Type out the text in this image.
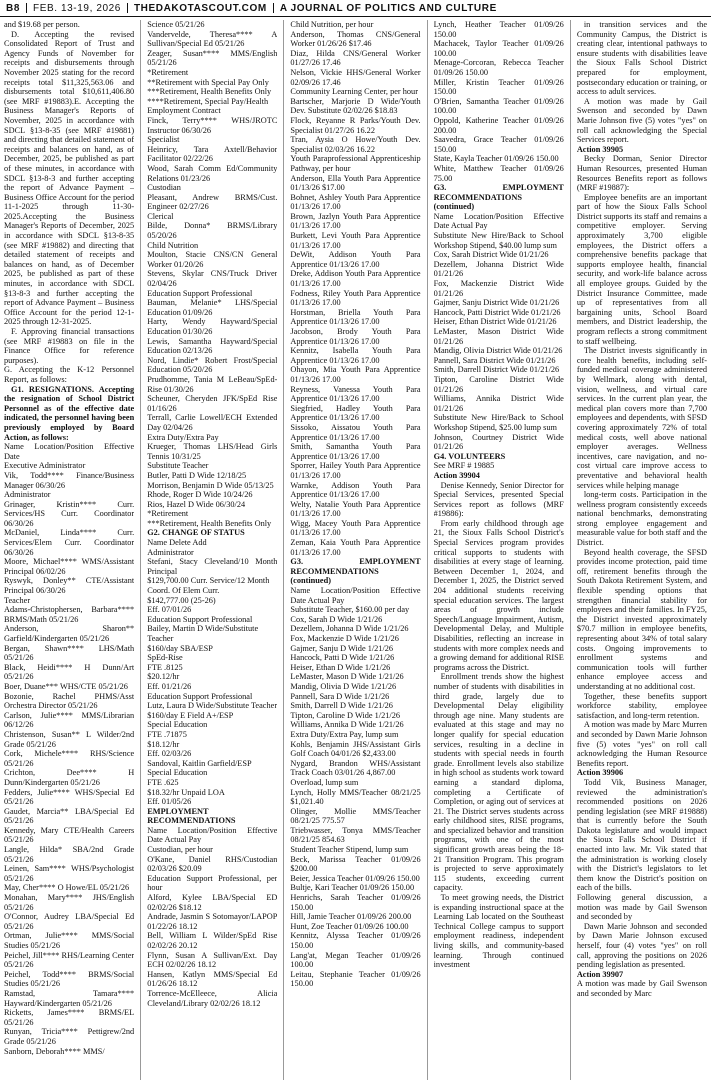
B8 FEB. 13-19, 2026 THEDAKOTASCOUT.COM A JOURNAL OF POLITICS AND CULTURE

and $19.68 per person.

D. Accepting the revised Consolidated Report of Trust and Agency Funds of November for receipts and disbursements through November 2025 stating for the record receipts total $11,325,563.06 and disbursements total $10,611,406.80 (see MRF #19883).E. Accepting the Business Manager's Reports of November, 2025 in accordance with SDCL §13-8-35 (see MRF #19881) and directing that detailed statement of receipts and balances on hand, as of December, 2025, be published as part of these minutes, in accordance with SDCL §13-8-3 and further accepting the report of Advance Payment – Business Office Account for the period 11-1-2025 through 11-30-2025.Accepting the Business Manager's Reports of December, 2025 in accordance with SDCL §13-8-35 (see MRF #19882) and directing that detailed statement of receipts and balances on hand, as of December 2025, be published as part of these minutes, in accordance with SDCL §13-8-3 and further accepting the report of Advance Payment – Business Office Account for the period 12-1-2025 through 12-31-2025.

F. Approving financial transactions (see MRF #19883 on file in the Finance Office for reference purposes).

G. Accepting the K-12 Personnel Report, as follows:

G1. RESIGNATIONS. Accepting the resignation of School District Personnel as of the effective date indicated, the personnel having been previously employed by Board Action, as follows:

Name Location/Position Effective Date

Executive Administrator

Vik, Todd**** Finance/Business Manager 06/30/26

Administrator

Grinager, Kristin**** Curr. Services/HS Curr. Coordinator 06/30/26

McDaniel, Linda**** Curr. Services/Elem Curr. Coordinator 06/30/26

Moore, Michael**** WMS/Assistant Principal 06/02/26

Ryswyk, Donley** CTE/Assistant Principal 06/30/26

Teacher

Adams-Christophersen, Barbara**** BRMS/Math 05/21/26

Anderson, Sharon** Garfield/Kindergarten 05/21/26

Bergan, Shawn**** LHS/Math 05/21/26

Black, Heidi**** H Dunn/Art 05/21/26

Boer, Duane*** WHS/CTE 05/21/26

Bozonie, Rachel PHMS/Asst Orchestra Director 05/21/26

Carlson, Julie**** MMS/Librarian 06/12/26

Christenson, Susan** L Wilder/2nd Grade 05/21/26

Cork, Michele**** RHS/Science 05/21/26

Crichton, Dee**** H Dunn/Kindergarten 05/21/26

Fedders, Julie**** WHS/Special Ed 05/21/26

Gaudet, Marcia** LBA/Special Ed 05/21/26

Kennedy, Mary CTE/Health Careers 05/21/26

Langle, Hilda* SBA/2nd Grade 05/21/26

Leinen, Sam**** WHS/Psychologist 05/21/26

May, Cher**** O Howe/EL 05/21/26

Monahan, Mary**** JHS/English 05/21/26

O'Connor, Audrey LBA/Special Ed 05/21/26

Ortman, Julie**** MMS/Social Studies 05/21/26

Peichel, Jill**** RHS/Learning Center 05/21/26

Peichel, Todd**** BRMS/Social Studies 05/21/26

Ramstad, Tamara**** Hayward/Kindergarten 05/21/26

Ricketts, James**** BRMS/EL 05/21/26

Runyan, Tricia**** Pettigrew/2nd Grade 05/21/26

Sanborn, Deborah**** MMS/

Science 05/21/26

Vandervelde, Theresa**** A Sullivan/Special Ed 05/21/26

Zeager, Susan**** MMS/English 05/21/26

*Retirement

**Retirement with Special Pay Only

***Retirement, Health Benefits Only

****Retirement, Special Pay/Health

Employment Contract

Finck, Terry**** WHS/JROTC Instructor 06/30/26

Specialist

Heinricy, Tara Axtell/Behavior Facilitator 02/22/26

Wood, Sarah Comm Ed/Community Relations 01/23/26

Custodian

Pleasant, Andrew BRMS/Cust. Engineer 02/27/26

Clerical

Bilde, Donna* BRMS/Library 05/20/26

Child Nutrition

Moulton, Stacie CNS/CN General Worker 01/20/26

Stevens, Skylar CNS/Truck Driver 02/04/26

Education Support Professional

Bauman, Melanie* LHS/Special Education 01/09/26

Harty, Wendy Hayward/Special Education 01/30/26

Lewis, Samantha Hayward/Special Education 02/13/26

Nord, Lindie* Robert Frost/Special Education 05/20/26

Prudhomme, Tania M LeBeau/SpEd-Rise 01/30/26

Scheuner, Cheryden JFK/SpEd Rise 01/16/26

Terrall, Carlie Lowell/ECH Extended Day 02/04/26

Extra Duty/Extra Pay

Krueger, Thomas LHS/Head Girls Tennis 10/31/25

Substitute Teacher

Butler, Patti D Wide 12/18/25

Morrison, Benjamin D Wide 05/13/25

Rhode, Roger D Wide 10/24/26

Rios, Hazel D Wide 06/30/24

*Retirement

***Retirement, Health Benefits Only

G2. CHANGE OF STATUS

Name Delete Add

Administrator

Stefani, Stacy Cleveland/10 Month Principal

$129,700.00 Curr. Service/12 Month

Coord. Of Elem Curr.

$142,777.00 (25-26)

Eff. 07/01/26

Education Support Professional

Bailey, Martin D Wide/Substitute

Teacher

$160/day SBA/ESP

SpEd-Rise

FTE .8125

$20.12/hr

Eff. 01/21/26

Education Support Professional

Lutz, Laura D Wide/Substitute Teacher

$160/day E Field A+/ESP

Special Education

FTE .71875

$18.12/hr

Eff. 02/03/26

Sandoval, Kaitlin Garfield/ESP

Special Education

FTE .625

$18.32/hr Unpaid LOA

Eff. 01/05/26

EMPLOYMENT RECOMMENDATIONS

Name Location/Position Effective Date Actual Pay

Custodian, per hour

O'Kane, Daniel RHS/Custodian 02/03/26 $20.09

Education Support Professional, per hour

Alford, Kylee LBA/Special ED 02/02/26 $18.12

Andrade, Jasmin S Sotomayor/LAPOP 01/22/26 18.12

Bell, William L Wilder/SpEd Rise 02/02/26 20.12

Flynn, Susan A Sullivan/Ext. Day ECH 02/02/26 18.12

Hansen, Katlyn MMS/Special Ed 01/26/26 18.12

Torrence-McElleece, Alicia Cleveland/Library 02/02/26 18.12

Child Nutrition, per hour

Anderson, Thomas CNS/General Worker 01/26/26 $17.46

Diaz, Hilda CNS/General Worker 01/27/26 17.46

Nelson, Vickie HHS/General Worker 02/09/26 17.46

Community Learning Center, per hour

Bartscher, Marjorie D Wide/Youth Dev. Substitute 02/02/26 $18.83

Flock, Reyanne R Parks/Youth Dev. Specialist 01/27/26 16.22

Tran, Aysia O Howe/Youth Dev. Specialist 02/03/26 16.22

Youth Paraprofessional Apprenticeship Pathway, per hour

Anderson, Ella Youth Para Apprentice 01/13/26 $17.00

Bohnet, Ashley Youth Para Apprentice 01/13/26 17.00

Brown, Jazlyn Youth Para Apprentice 01/13/26 17.00

Burkett, Levi Youth Para Apprentice 01/13/26 17.00

DeWit, Addison Youth Para Apprentice 01/13/26 17.00

Dreke, Addison Youth Para Apprentice 01/13/26 17.00

Fodness, Riley Youth Para Apprentice 01/13/26 17.00

Horstman, Briella Youth Para Apprentice 01/13/26 17.00

Jacobson, Brody Youth Para Apprentice 01/13/26 17.00

Kennitz, Isabella Youth Para Apprentice 01/13/26 17.00

Ohayon, Mia Youth Para Apprentice 01/13/26 17.00

Reyness, Vanessa Youth Para Apprentice 01/13/26 17.00

Siegfried, Hadley Youth Para Apprentice 01/13/26 17.00

Sissoko, Aissatou Youth Para Apprentice 01/13/26 17.00

Smith, Samantha Youth Para Apprentice 01/13/26 17.00

Sporrer, Hailey Youth Para Apprentice 01/13/26 17.00

Warnke, Addison Youth Para Apprentice 01/13/26 17.00

Welty, Natalie Youth Para Apprentice 01/13/26 17.00

Wigg, Macey Youth Para Apprentice 01/13/26 17.00

Zeman, Kaia Youth Para Apprentice 01/13/26 17.00

G3. EMPLOYMENT RECOMMENDATIONS (continued)

Name Location/Position Effective Date Actual Pay

Substitute Teacher, $160.00 per day

Cox, Sarah D Wide 1/21/26

Dezellem, Johanna D Wide 1/21/26

Fox, Mackenzie D Wide 1/21/26

Gajmer, Sanju D Wide 1/21/26

Hancock, Patti D Wide 1/21/26

Heiser, Ethan D Wide 1/21/26

LeMaster, Mason D Wide 1/21/26

Mandig, Olivia D Wide 1/21/26

Pannell, Sara D Wide 1/21/26

Smith, Darrell D Wide 1/21/26

Tipton, Caroline D Wide 1/21/26

Williams, Annika D Wide 1/21/26

Extra Duty/Extra Pay, lump sum

Kohls, Benjamin JHS/Assistant Girls Golf Coach 04/01/26 $2,433.00

Nygard, Brandon WHS/Assistant Track Coach 03/01/26 4,867.00

Overload, lump sum

Lynch, Holly MMS/Teacher 08/21/25 $1,021.40

Olinger, Mollie MMS/Teacher 08/21/25 775.57

Triebwasser, Tonya MMS/Teacher 08/21/25 854.63

Student Teacher Stipend, lump sum

Beck, Marissa Teacher 01/09/26 $200.00

Beier, Jessica Teacher 01/09/26 150.00

Bultje, Kari Teacher 01/09/26 150.00

Henrichs, Sarah Teacher 01/09/26 150.00

Hill, Jamie Teacher 01/09/26 200.00

Hunt, Zoe Teacher 01/09/26 100.00

Kennitz, Alyssa Teacher 01/09/26 150.00

Lang'at, Megan Teacher 01/09/26 100.00

Leitau, Stephanie Teacher 01/09/26 150.00

Lynch, Heather Teacher 01/09/26 150.00

Machacek, Taylor Teacher 01/09/26 100.00

Menage-Corcoran, Rebecca Teacher 01/09/26 150.00

Miller, Kristin Teacher 01/09/26 150.00

O'Brien, Samantha Teacher 01/09/26 100.00

Oppold, Katherine Teacher 01/09/26 200.00

Saavedra, Grace Teacher 01/09/26 150.00

State, Kayla Teacher 01/09/26 150.00

White, Matthew Teacher 01/09/26 75.00

G3. EMPLOYMENT RECOMMENDATIONS (continued)

Name Location/Position Effective Date Actual Pay

Substitute New Hire/Back to School Workshop Stipend, $40.00 lump sum

Cox, Sarah District Wide 01/21/26

Dezellem, Johanna District Wide 01/21/26

Fox, Mackenzie District Wide 01/21/26

Gajmer, Sanju District Wide 01/21/26

Hancock, Patti District Wide 01/21/26

Heiser, Ethan District Wide 01/21/26

LeMaster, Mason District Wide 01/21/26

Mandig, Olivia District Wide 01/21/26

Pannell, Sara District Wide 01/21/26

Smith, Darrell District Wide 01/21/26

Tipton, Caroline District Wide 01/21/26

Williams, Annika District Wide 01/21/26

Substitute New Hire/Back to School Workshop Stipend, $25.00 lump sum

Johnson, Courtney District Wide 01/21/26

G4. VOLUNTEERS

See MRF # 19885

Action 39904

Denise Kennedy, Senior Director for Special Services, presented Special Services report as follows (MRF #19886):

From early childhood through age 21, the Sioux Falls School District's Special Services program provides critical supports to students with disabilities at every stage of learning. Between December 1, 2024, and December 1, 2025, the District served 204 additional students receiving special education services. The largest areas of growth include Speech/Language Impairment, Autism, Developmental Delay, and Multiple Disabilities, reflecting an increase in students with more complex needs and a growing demand for additional RISE programs across the District.

Enrollment trends show the highest number of students with disabilities in third grade, largely due to Developmental Delay eligibility through age nine. Many students are evaluated at this stage and may no longer qualify for special education services, resulting in a decline in students with special needs in fourth grade. Enrollment levels also stabilize in high school as students work toward earning a standard diploma, completing a Certificate of Completion, or aging out of services at 21. The District serves students across early childhood sites, RISE programs, and specialized behavior and transition programs, with one of the most significant growth areas being the 18-21 Transition Program. This program is projected to serve approximately 115 students, exceeding current capacity.

To meet growing needs, the District is expanding instructional space at the Learning Lab located on the Southeast Technical College campus to support employment readiness, independent living skills, and community-based learning. Through continued investment

in transition services and the Community Campus, the District is creating clear, intentional pathways to ensure students with disabilities leave the Sioux Falls School District prepared for employment, postsecondary education or training, or access to adult services.

A motion was made by Gail Swenson and seconded by Dawn Marie Johnson five (5) votes "yes" on roll call acknowledging the Special Services report.

Action 39905

Becky Dorman, Senior Director Human Resources, presented Human Resources Benefits report as follows (MRF #19887):

Employee benefits are an important part of how the Sioux Falls School District supports its staff and remains a competitive employer. Serving approximately 3,700 eligible employees, the District offers a comprehensive benefits package that supports employee health, financial security, and work-life balance across all employee groups. Guided by the District Insurance Committee, made up of representatives from all bargaining units, School Board members, and District leadership, the program reflects a strong commitment to staff wellbeing.

The District invests significantly in core health benefits, including self-funded medical coverage administered by Wellmark, along with dental, vision, wellness, and virtual care services. In the current plan year, the medical plan covers more than 7,700 employees and dependents, with SFSD covering approximately 72% of total medical costs, well above national employer averages. Wellness incentives, care navigation, and no-cost virtual care improve access to preventative and behavioral health services while helping manage

long-term costs. Participation in the wellness program consistently exceeds national benchmarks, demonstrating strong employee engagement and measurable value for both staff and the District.

Beyond health coverage, the SFSD provides income protection, paid time off, retirement benefits through the South Dakota Retirement System, and flexible spending options that strengthen financial stability for employees and their families. In FY25, the District invested approximately $70.7 million in employee benefits, representing about 34% of total salary costs. Ongoing improvements to enrollment systems and communication tools will further enhance employee access and understanding at no additional cost.

Together, these benefits support workforce stability, employee satisfaction, and long-term retention.

A motion was made by Marc Murren and seconded by Dawn Marie Johnson five (5) votes "yes" on roll call acknowledging the Human Resource Benefits report.

Action 39906

Todd Vik, Business Manager, reviewed the administration's recommended positions on 2026 pending legislation (see MRF #19888) that is currently before the South Dakota legislature and would impact the Sioux Falls School District if enacted into law. Mr. Vik stated that the administration is working closely with the District's legislators to let them know the District's position on each of the bills.

Following general discussion, a motion was made by Gail Swenson and seconded by

Dawn Marie Johnson and seconded by Dawn Marie Johnson excused herself, four (4) votes "yes" on roll call, approving the positions on 2026 pending legislation as presented.

Action 39907

A motion was made by Gail Swenson and seconded by Marc
